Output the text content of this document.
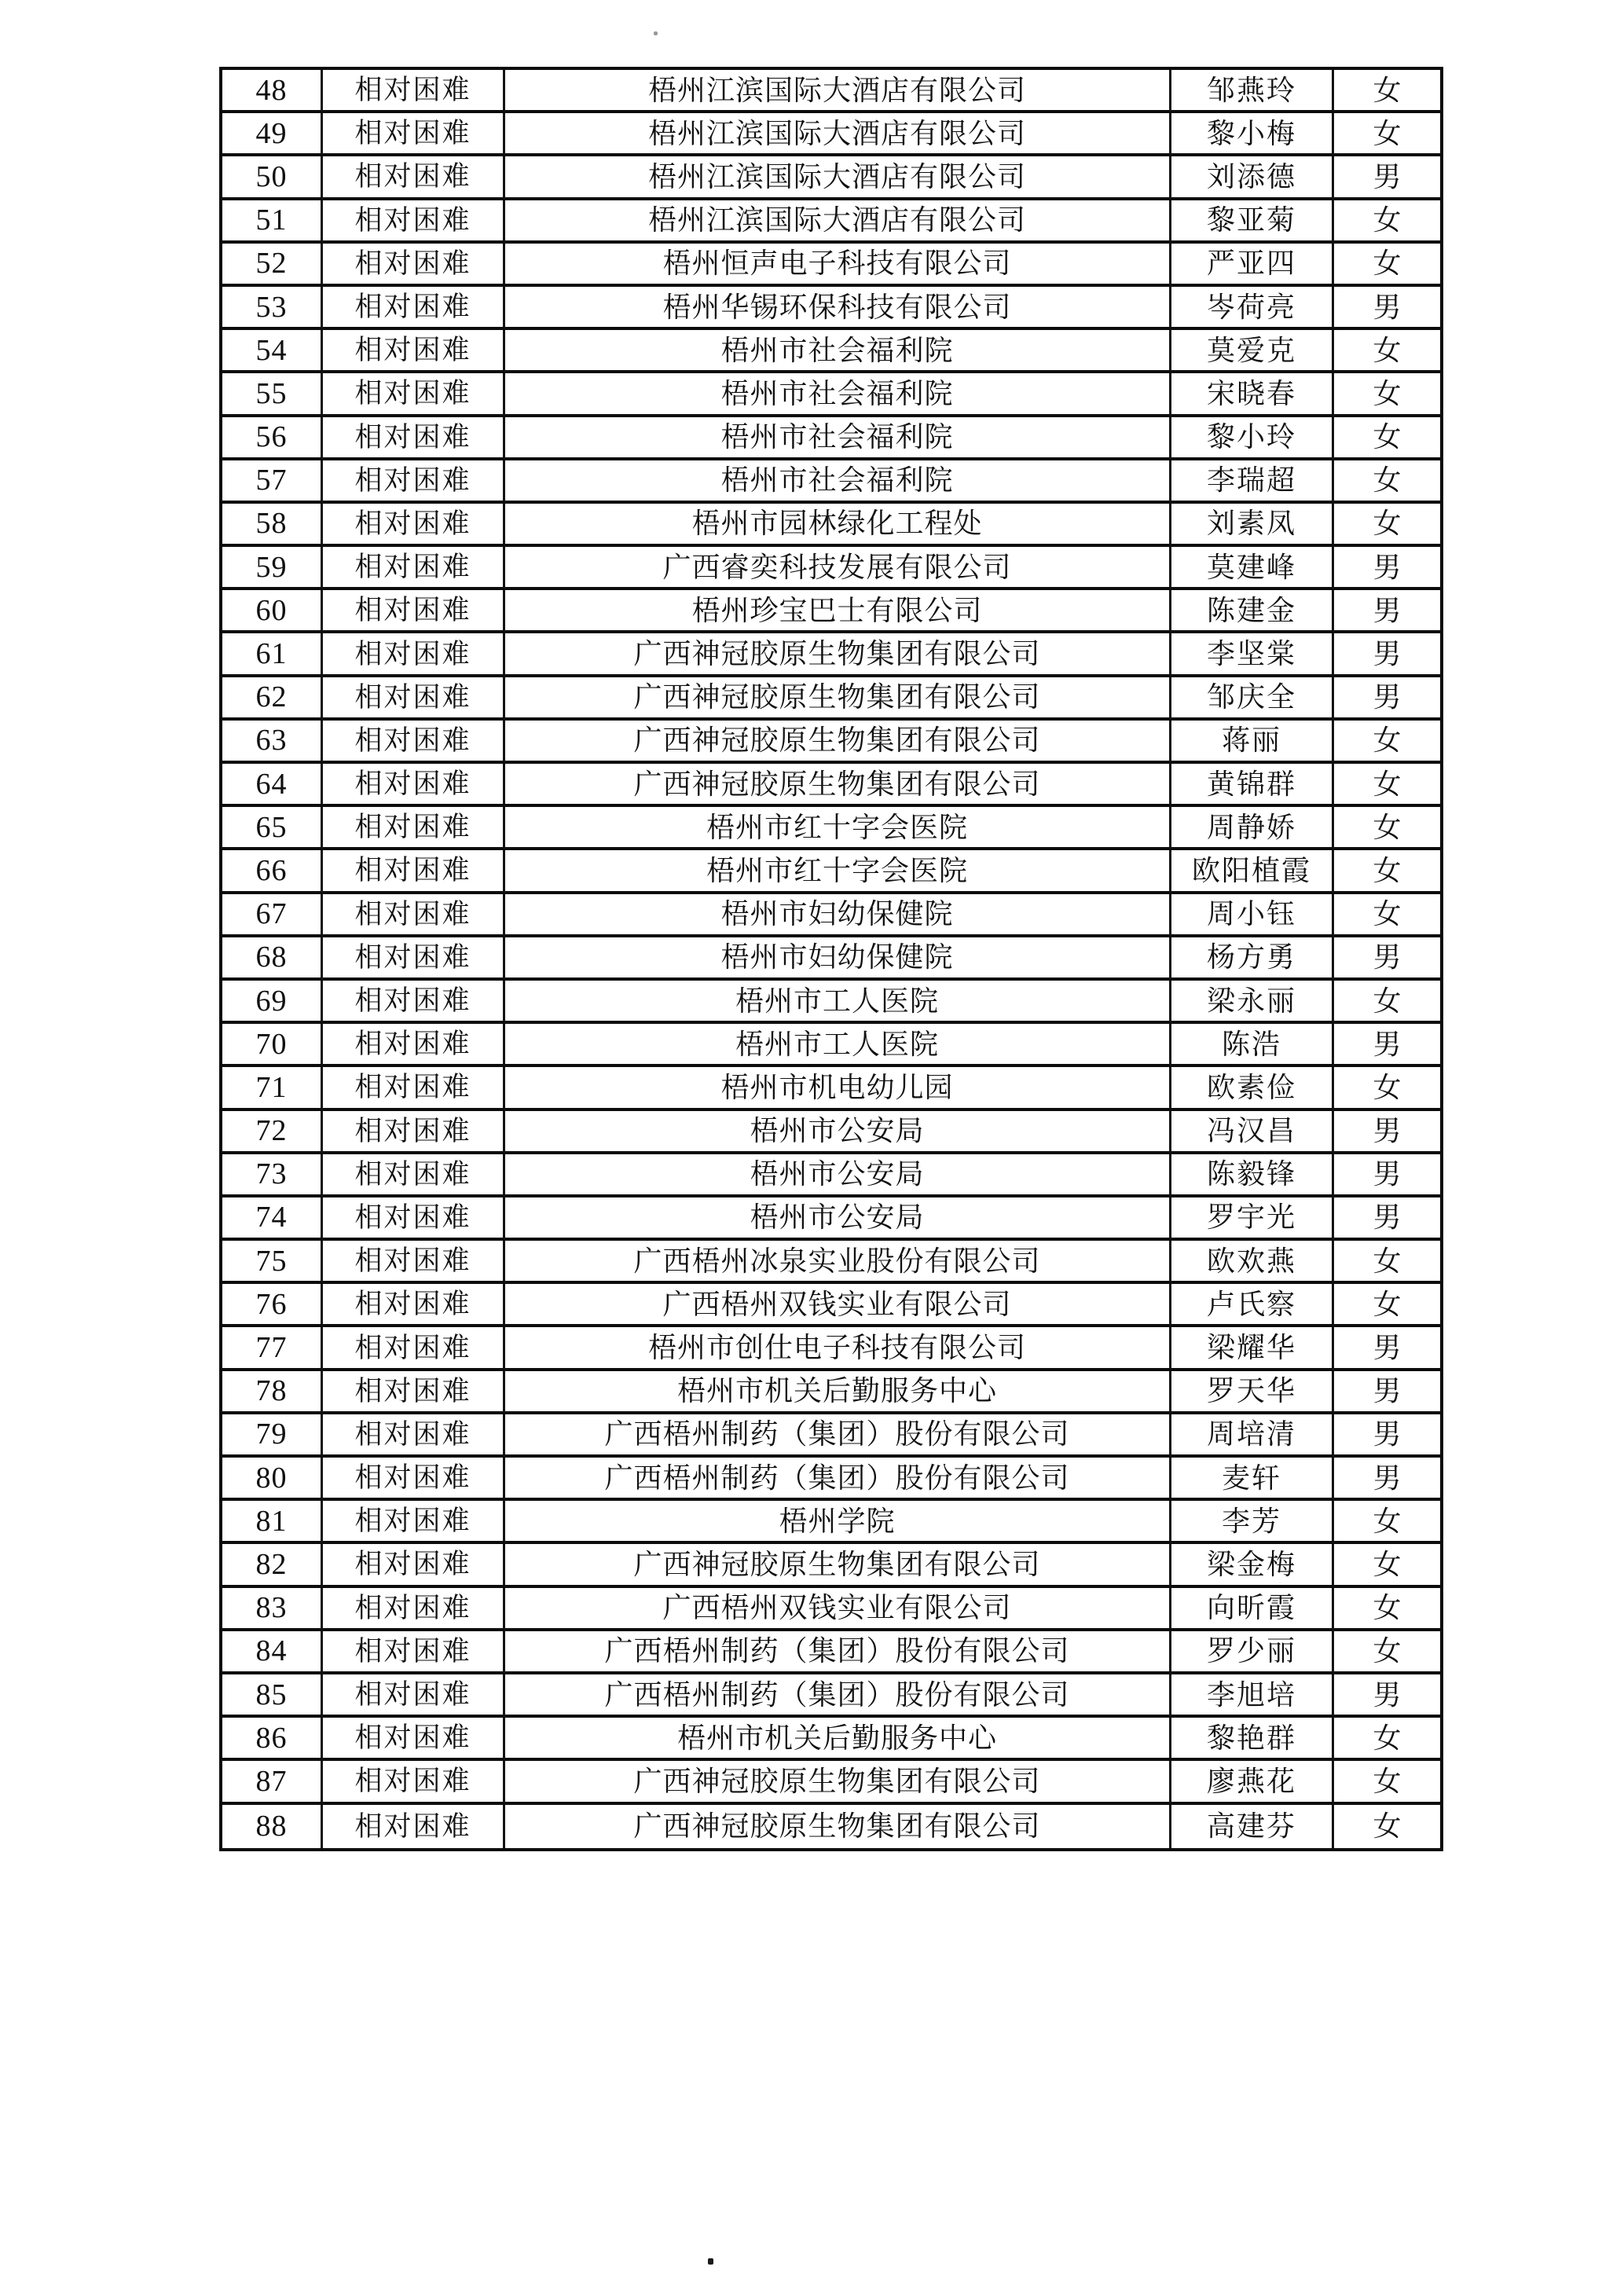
48	相对困难	梧州江滨国际大酒店有限公司	邹燕玲	女
49	相对困难	梧州江滨国际大酒店有限公司	黎小梅	女
50	相对困难	梧州江滨国际大酒店有限公司	刘添德	男
51	相对困难	梧州江滨国际大酒店有限公司	黎亚菊	女
52	相对困难	梧州恒声电子科技有限公司	严亚四	女
53	相对困难	梧州华锡环保科技有限公司	岑荷亮	男
54	相对困难	梧州市社会福利院	莫爱克	女
55	相对困难	梧州市社会福利院	宋晓春	女
56	相对困难	梧州市社会福利院	黎小玲	女
57	相对困难	梧州市社会福利院	李瑞超	女
58	相对困难	梧州市园林绿化工程处	刘素凤	女
59	相对困难	广西睿奕科技发展有限公司	莫建峰	男
60	相对困难	梧州珍宝巴士有限公司	陈建金	男
61	相对困难	广西神冠胶原生物集团有限公司	李坚棠	男
62	相对困难	广西神冠胶原生物集团有限公司	邹庆全	男
63	相对困难	广西神冠胶原生物集团有限公司	蒋丽	女
64	相对困难	广西神冠胶原生物集团有限公司	黄锦群	女
65	相对困难	梧州市红十字会医院	周静娇	女
66	相对困难	梧州市红十字会医院	欧阳植霞	女
67	相对困难	梧州市妇幼保健院	周小钰	女
68	相对困难	梧州市妇幼保健院	杨方勇	男
69	相对困难	梧州市工人医院	梁永丽	女
70	相对困难	梧州市工人医院	陈浩	男
71	相对困难	梧州市机电幼儿园	欧素俭	女
72	相对困难	梧州市公安局	冯汉昌	男
73	相对困难	梧州市公安局	陈毅锋	男
74	相对困难	梧州市公安局	罗宇光	男
75	相对困难	广西梧州冰泉实业股份有限公司	欧欢燕	女
76	相对困难	广西梧州双钱实业有限公司	卢氏察	女
77	相对困难	梧州市创仕电子科技有限公司	梁耀华	男
78	相对困难	梧州市机关后勤服务中心	罗天华	男
79	相对困难	广西梧州制药（集团）股份有限公司	周培清	男
80	相对困难	广西梧州制药（集团）股份有限公司	麦轩	男
81	相对困难	梧州学院	李芳	女
82	相对困难	广西神冠胶原生物集团有限公司	梁金梅	女
83	相对困难	广西梧州双钱实业有限公司	向昕霞	女
84	相对困难	广西梧州制药（集团）股份有限公司	罗少丽	女
85	相对困难	广西梧州制药（集团）股份有限公司	李旭培	男
86	相对困难	梧州市机关后勤服务中心	黎艳群	女
87	相对困难	广西神冠胶原生物集团有限公司	廖燕花	女
88	相对困难	广西神冠胶原生物集团有限公司	高建芬	女
